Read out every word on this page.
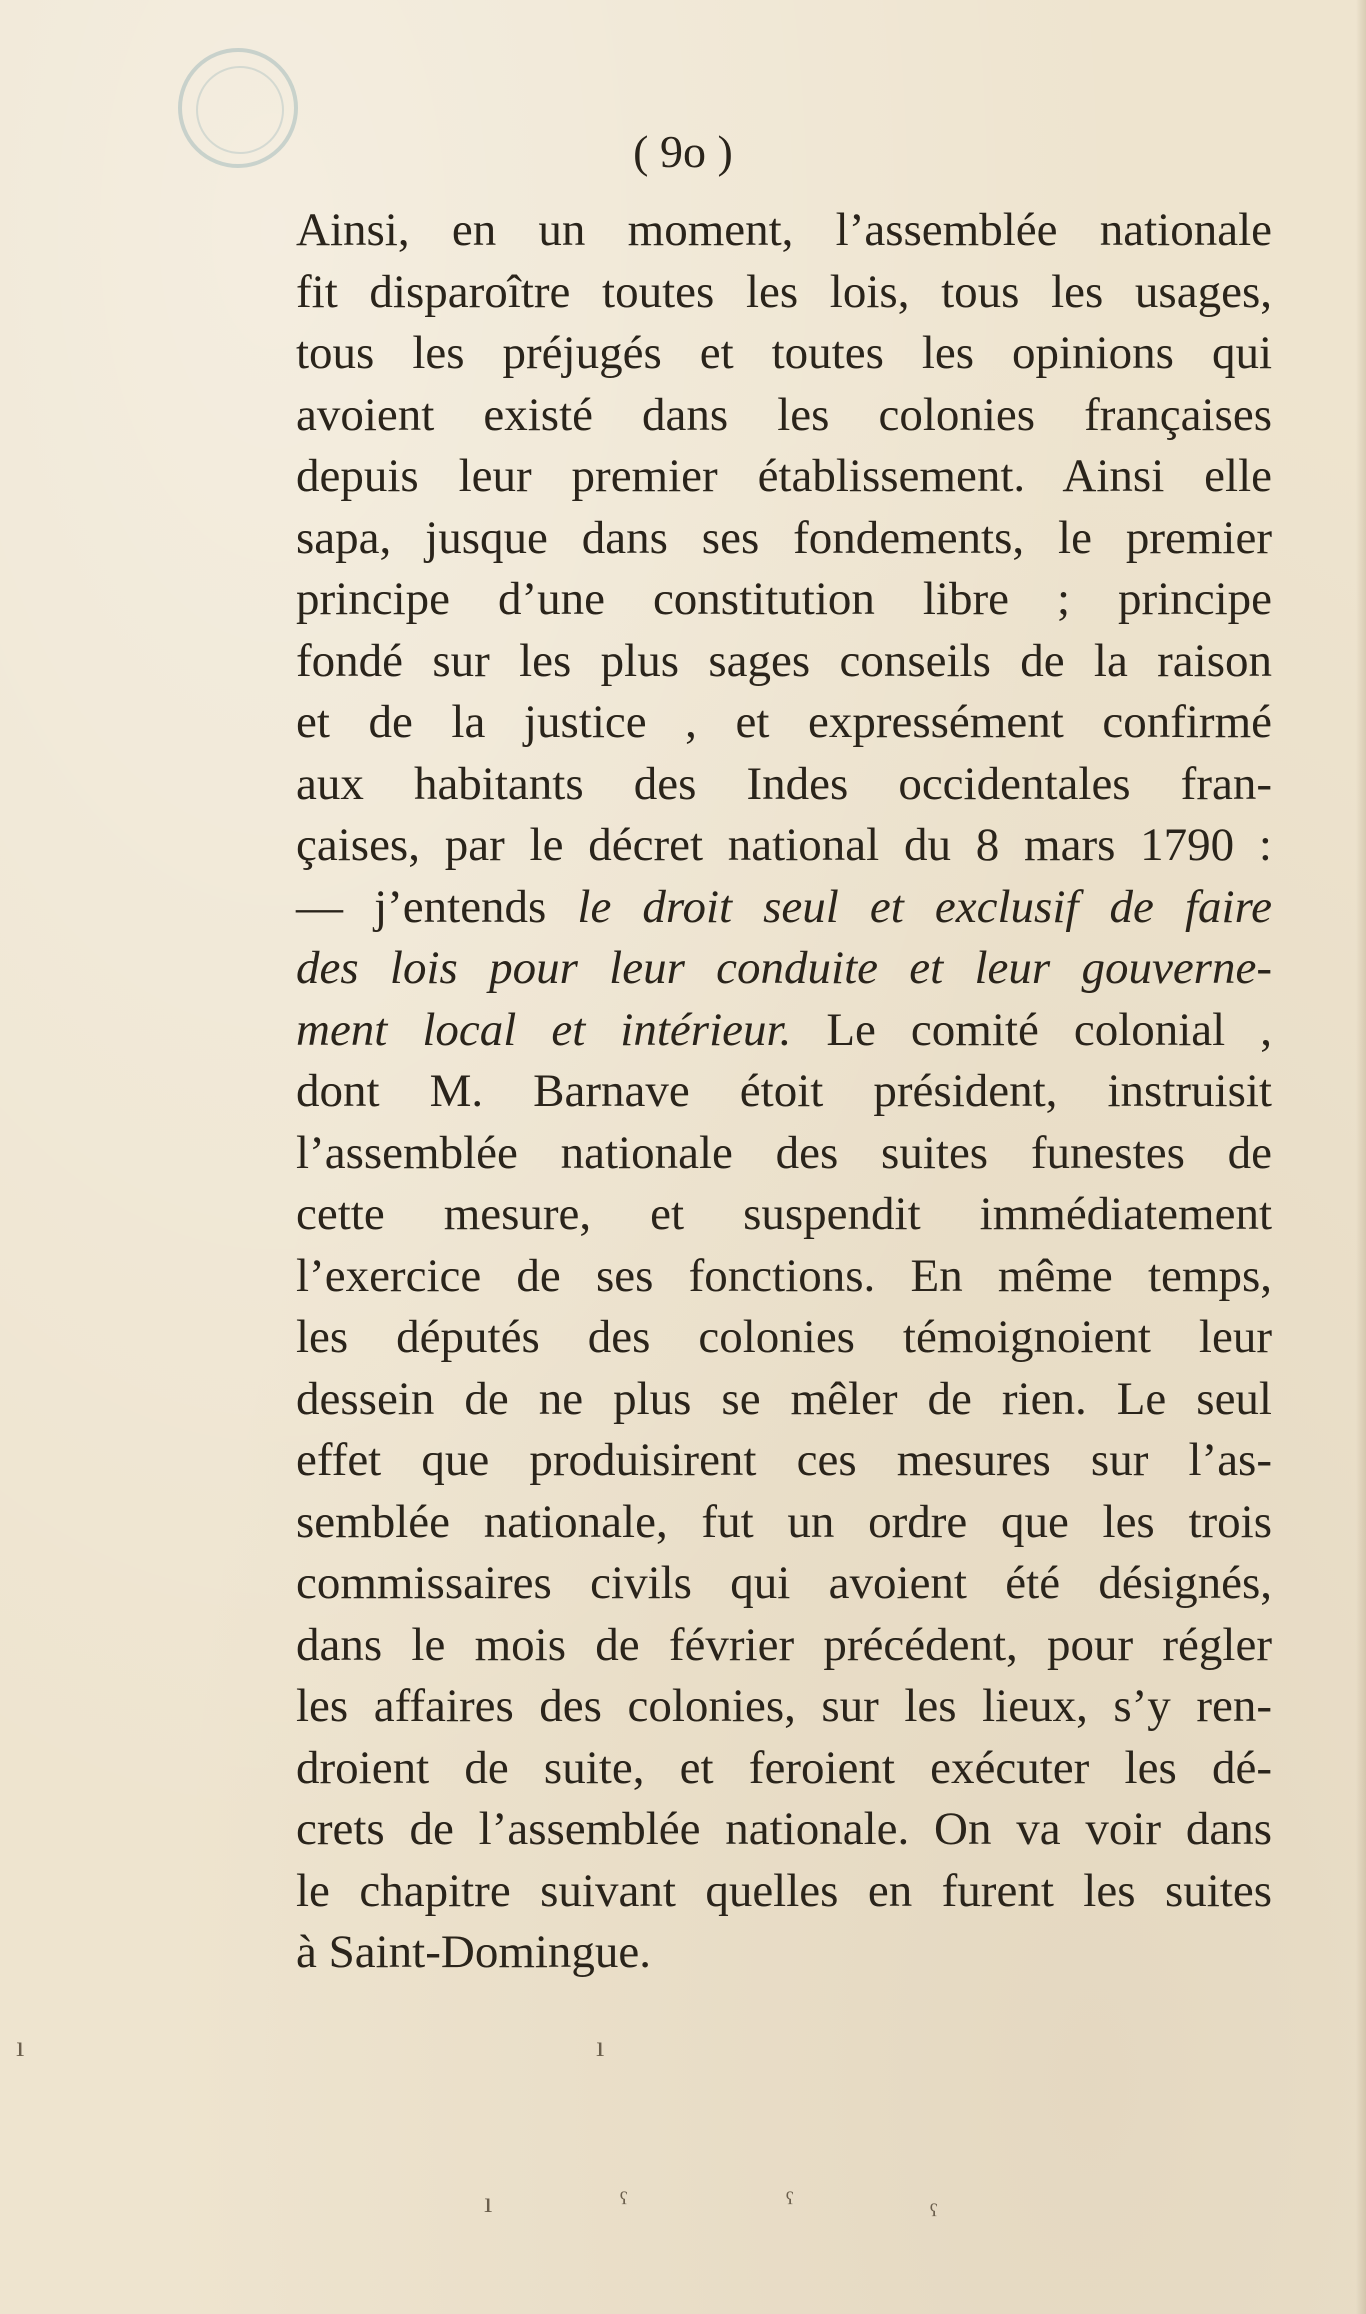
( 9o )

Ainsi, en un moment, l’assemblée nationale
fit disparoître toutes les lois, tous les usages,
tous les préjugés et toutes les opinions qui
avoient existé dans les colonies françaises
depuis leur premier établissement. Ainsi elle
sapa, jusque dans ses fondements, le premier
principe d’une constitution libre ; principe
fondé sur les plus sages conseils de la raison
et de la justice , et expressément confirmé
aux habitants des Indes occidentales fran-
çaises, par le décret national du 8 mars 1790 :
— j’entends le droit seul et exclusif de faire
des lois pour leur conduite et leur gouverne-
ment local et intérieur. Le comité colonial ,
dont M. Barnave étoit président, instruisit
l’assemblée nationale des suites funestes de
cette mesure, et suspendit immédiatement
l’exercice de ses fonctions. En même temps,
les députés des colonies témoignoient leur
dessein de ne plus se mêler de rien. Le seul
effet que produisirent ces mesures sur l’as-
semblée nationale, fut un ordre que les trois
commissaires civils qui avoient été désignés,
dans le mois de février précédent, pour régler
les affaires des colonies, sur les lieux, s’y ren-
droient de suite, et feroient exécuter les dé-
crets de l’assemblée nationale. On va voir dans
le chapitre suivant quelles en furent les suites
à Saint-Domingue.
ı
ı
ı	ˁ	ˁ	ˁ
